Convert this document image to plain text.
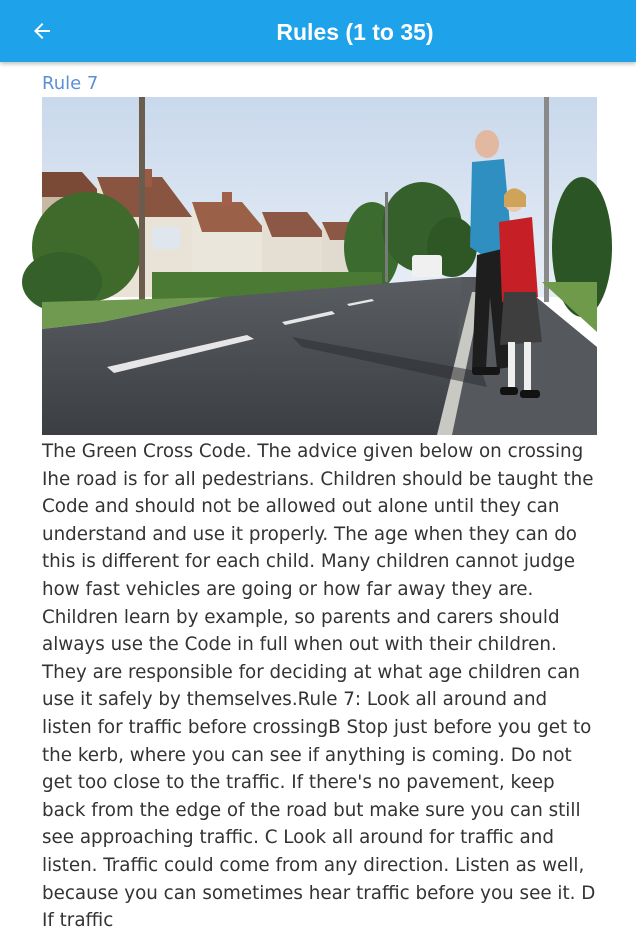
Rules (1 to 35)
Rule 7
The Green Cross Code. The advice given below on crossing Ihe road is for all pedestrians. Children should be taught the Code and should not be allowed out alone until they can understand and use it properly. The age when they can do this is different for each child. Many children cannot judge how fast vehicles are going or how far away they are. Children learn by example, so parents and carers should always use the Code in full when out with their children. They are responsible for deciding at what age children can use it safely by themselves.Rule 7: Look all around and listen for traffic before crossingB Stop just before you get to the kerb, where you can see if anything is coming. Do not get too close to the traffic. If there's no pavement, keep back from the edge of the road but make sure you can still see approaching traffic. C Look all around for traffic and listen. Traffic could come from any direction. Listen as well, because you can sometimes hear traffic before you see it. D If traffic
